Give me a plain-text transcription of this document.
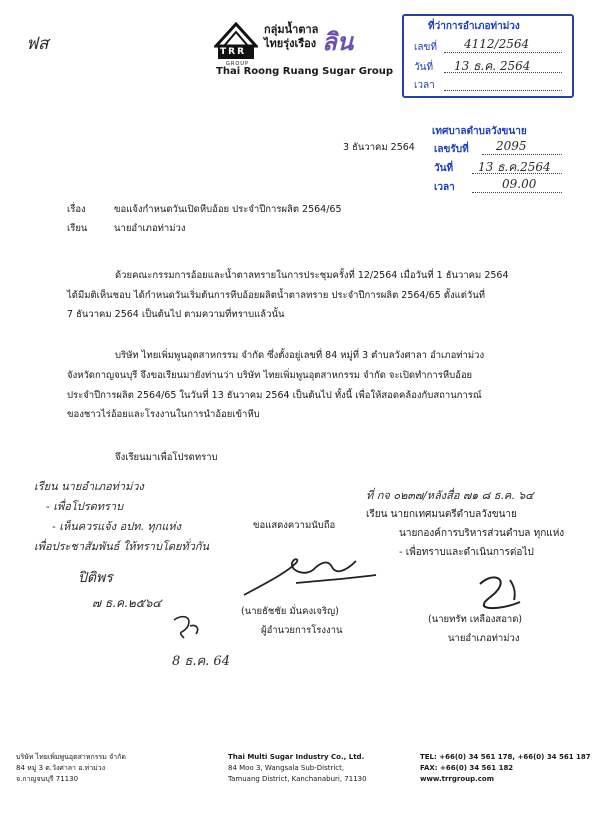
ฟส	TRR
GROUP
กลุ่มน้ำตาล
ไทยรุ่งเรือง ลิน
Thai Roong Ruang Sugar Group
ที่ว่าการอำเภอท่าม่วง
เลขที่ 4112/2564
วันที่ 13 ธ.ค. 2564
เวลา
3 ธันวาคม 2564
เทศบาลตำบลวังขนาย
เลขรับที่ 2095
วันที่ 13 ธ.ค.2564
เวลา	09.00
เรื่อง	ขอแจ้งกำหนดวันเปิดหีบอ้อย ประจำปีการผลิต 2564/65
เรียน	นายอำเภอท่าม่วง
ด้วยคณะกรรมการอ้อยและน้ำตาลทรายในการประชุมครั้งที่ 12/2564 เมื่อวันที่ 1 ธันวาคม 2564
ได้มีมติเห็นชอบ ได้กำหนดวันเริ่มต้นการหีบอ้อยผลิตน้ำตาลทราย ประจำปีการผลิต 2564/65 ตั้งแต่วันที่
7 ธันวาคม 2564 เป็นต้นไป ตามความที่ทราบแล้วนั้น
บริษัท ไทยเพิ่มพูนอุตสาหกรรม จำกัด ซึ่งตั้งอยู่เลขที่ 84 หมู่ที่ 3 ตำบลวังศาลา อำเภอท่าม่วง
จังหวัดกาญจนบุรี จึงขอเรียนมายังท่านว่า บริษัท ไทยเพิ่มพูนอุตสาหกรรม จำกัด จะเปิดทำการหีบอ้อย
ประจำปีการผลิต 2564/65 ในวันที่ 13 ธันวาคม 2564 เป็นต้นไป ทั้งนี้ เพื่อให้สอดคล้องกับสถานการณ์
ของชาวไร่อ้อยและโรงงานในการนำอ้อยเข้าหีบ
จึงเรียนมาเพื่อโปรดทราบ
เรียน นายอำเภอท่าม่วง
- เพื่อโปรดทราบ
- เห็นควรแจ้ง อปท. ทุกแห่ง
เพื่อประชาสัมพันธ์ ให้ทราบโดยทั่วกัน
ปิติพร
๗ ธ.ค.๒๕๖๔
8 ธ.ค. 64
ขอแสดงความนับถือ
(นายธัชชัย มั่นคงเจริญ)
ผู้อำนวยการโรงงาน
ที่ กจ ๐๒๓๗/หลังสื่อ ๗๑ ๘ ธ.ค. ๖๔
เรียน นายกเทศมนตรีตำบลวังขนาย
นายกองค์การบริหารส่วนตำบล ทุกแห่ง
- เพื่อทราบและดำเนินการต่อไป
(นายทรัท เหลืองสอาด)
นายอำเภอท่าม่วง
บริษัท ไทยเพิ่มพูนอุตสาหกรรม จำกัด
84 หมู่ 3 ต.วังศาลา อ.ท่าม่วง
จ.กาญจนบุรี 71130
Thai Multi Sugar Industry Co., Ltd.
84 Moo 3, Wangsala Sub-District,
Tamuang District, Kanchanaburi, 71130
TEL: +66(0) 34 561 178, +66(0) 34 561 187
FAX: +66(0) 34 561 182
www.trrgroup.com
